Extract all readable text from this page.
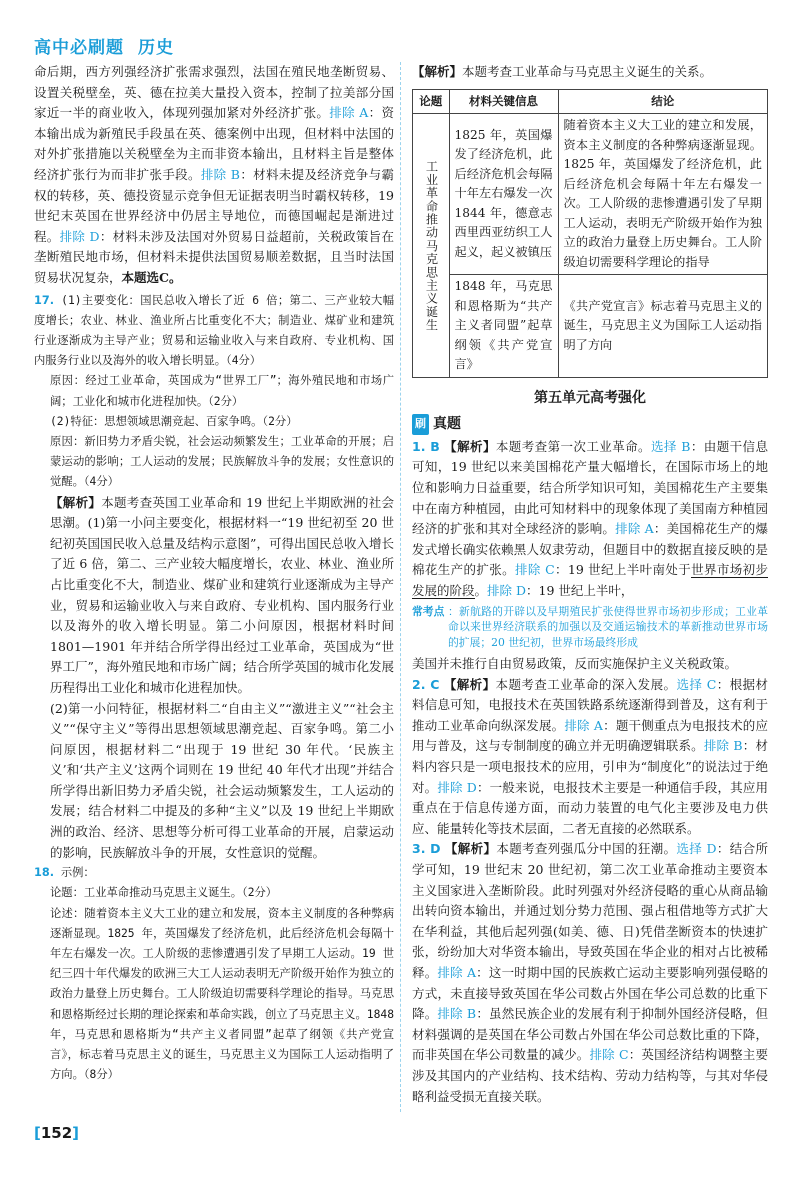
高中必刷题 历史

命后期，西方列强经济扩张需求强烈，法国在殖民地垄断贸易、设置关税壁垒，英、德在拉美大量投入资本，控制了拉美部分国家近一半的商业收入，体现列强加紧对外经济扩张。排除 A：资本输出成为新殖民手段虽在英、德案例中出现，但材料中法国的对外扩张措施以关税壁垒为主而非资本输出，且材料主旨是整体经济扩张行为而非扩张手段。排除 B：材料未提及经济竞争与霸权的转移，英、德投资显示竞争但无证据表明当时霸权转移，19 世纪末英国在世界经济中仍居主导地位，而德国崛起是渐进过程。排除 D：材料未涉及法国对外贸易日益超前，关税政策旨在垄断殖民地市场，但材料未提供法国贸易顺差数据，且当时法国贸易状况复杂，本题选C。

17. (1)主要变化：国民总收入增长了近 6 倍；第二、三产业较大幅度增长；农业、林业、渔业所占比重变化不大；制造业、煤矿业和建筑行业逐渐成为主导产业；贸易和运输业收入与来自政府、专业机构、国内服务行业以及海外的收入增长明显。（4分）

原因：经过工业革命，英国成为“世界工厂”；海外殖民地和市场广阔；工业化和城市化进程加快。（2分）

(2)特征：思想领域思潮竞起、百家争鸣。（2分）

原因：新旧势力矛盾尖锐，社会运动频繁发生；工业革命的开展；启蒙运动的影响；工人运动的发展；民族解放斗争的发展；女性意识的觉醒。（4分）

【解析】本题考查英国工业革命和 19 世纪上半期欧洲的社会思潮。(1)第一小问主要变化，根据材料一“19 世纪初至 20 世纪初英国国民收入总量及结构示意图”，可得出国民总收入增长了近 6 倍，第二、三产业较大幅度增长，农业、林业、渔业所占比重变化不大，制造业、煤矿业和建筑行业逐渐成为主导产业，贸易和运输业收入与来自政府、专业机构、国内服务行业以及海外的收入增长明显。第二小问原因，根据材料时间 1801—1901 年并结合所学得出经过工业革命，英国成为“世界工厂”，海外殖民地和市场广阔；结合所学英国的城市化发展历程得出工业化和城市化进程加快。

(2)第一小问特征，根据材料二“自由主义”“激进主义”“社会主义”“保守主义”等得出思想领域思潮竞起、百家争鸣。第二小问原因，根据材料二“出现于 19 世纪 30 年代。‘民族主义’和‘共产主义’这两个词则在 19 世纪 40 年代才出现”并结合所学得出新旧势力矛盾尖锐，社会运动频繁发生，工人运动的发展；结合材料二中提及的多种“主义”以及 19 世纪上半期欧洲的政治、经济、思想等分析可得工业革命的开展，启蒙运动的影响，民族解放斗争的开展，女性意识的觉醒。

18. 示例：

论题：工业革命推动马克思主义诞生。（2分）

论述：随着资本主义大工业的建立和发展，资本主义制度的各种弊病逐渐显现。1825 年，英国爆发了经济危机，此后经济危机会每隔十年左右爆发一次。工人阶级的悲惨遭遇引发了早期工人运动。19 世纪三四十年代爆发的欧洲三大工人运动表明无产阶级开始作为独立的政治力量登上历史舞台。工人阶级迫切需要科学理论的指导。马克思和恩格斯经过长期的理论探索和革命实践，创立了马克思主义。1848 年，马克思和恩格斯为“共产主义者同盟”起草了纲领《共产党宣言》，标志着马克思主义的诞生，马克思主义为国际工人运动指明了方向。（8分）

【解析】本题考查工业革命与马克思主义诞生的关系。

论题	材料关键信息	结论
工业革命推动马克思主义诞生	1825 年，英国爆发了经济危机，此后经济危机会每隔十年左右爆发一次 1844 年，德意志西里西亚纺织工人起义，起义被镇压	随着资本主义大工业的建立和发展，资本主义制度的各种弊病逐渐显现。1825 年，英国爆发了经济危机，此后经济危机会每隔十年左右爆发一次。工人阶级的悲惨遭遇引发了早期工人运动，表明无产阶级开始作为独立的政治力量登上历史舞台。工人阶级迫切需要科学理论的指导
	1848 年，马克思和恩格斯为“共产主义者同盟”起草纲领《共产党宣言》	《共产党宣言》标志着马克思主义的诞生，马克思主义为国际工人运动指明了方向
第五单元高考强化
刷 真题

1. B 【解析】本题考查第一次工业革命。选择 B：由题干信息可知，19 世纪以来美国棉花产量大幅增长，在国际市场上的地位和影响力日益重要，结合所学知识可知，美国棉花生产主要集中在南方种植园，由此可知材料中的现象体现了美国南方种植园经济的扩张和其对全球经济的影响。排除 A：美国棉花生产的爆发式增长确实依赖黑人奴隶劳动，但题目中的数据直接反映的是棉花生产的扩张。排除 C：19 世纪上半叶南处于世界市场初步发展的阶段。排除 D：19 世纪上半叶，

常考点 ：新航路的开辟以及早期殖民扩张使得世界市场初步形成；工业革命以来世界经济联系的加强以及交通运输技术的革新推动世界市场的扩展；20 世纪初，世界市场最终形成

美国并未推行自由贸易政策，反而实施保护主义关税政策。

2. C 【解析】本题考查工业革命的深入发展。选择 C：根据材料信息可知，电报技术在英国铁路系统逐渐得到普及，这有利于推动工业革命向纵深发展。排除 A：题干侧重点为电报技术的应用与普及，这与专制制度的确立并无明确逻辑联系。排除 B：材料内容只是一项电报技术的应用，引申为“制度化”的说法过于绝对。排除 D：一般来说，电报技术主要是一种通信手段，其应用重点在于信息传递方面，而动力装置的电气化主要涉及电力供应、能量转化等技术层面，二者无直接的必然联系。

3. D 【解析】本题考查列强瓜分中国的狂潮。选择 D：结合所学可知，19 世纪末 20 世纪初，第二次工业革命推动主要资本主义国家进入垄断阶段。此时列强对外经济侵略的重心从商品输出转向资本输出，并通过划分势力范围、强占租借地等方式扩大在华利益，其他后起列强(如美、德、日)凭借垄断资本的快速扩张，纷纷加大对华资本输出，导致英国在华企业的相对占比被稀释。排除 A：这一时期中国的民族救亡运动主要影响列强侵略的方式，未直接导致英国在华公司数占外国在华公司总数的比重下降。排除 B：虽然民族企业的发展有利于抑制外国经济侵略，但材料强调的是英国在华公司数占外国在华公司总数比重的下降，而非英国在华公司数量的减少。排除 C：英国经济结构调整主要涉及其国内的产业结构、技术结构、劳动力结构等，与其对华侵略利益受损无直接关联。

[152]
